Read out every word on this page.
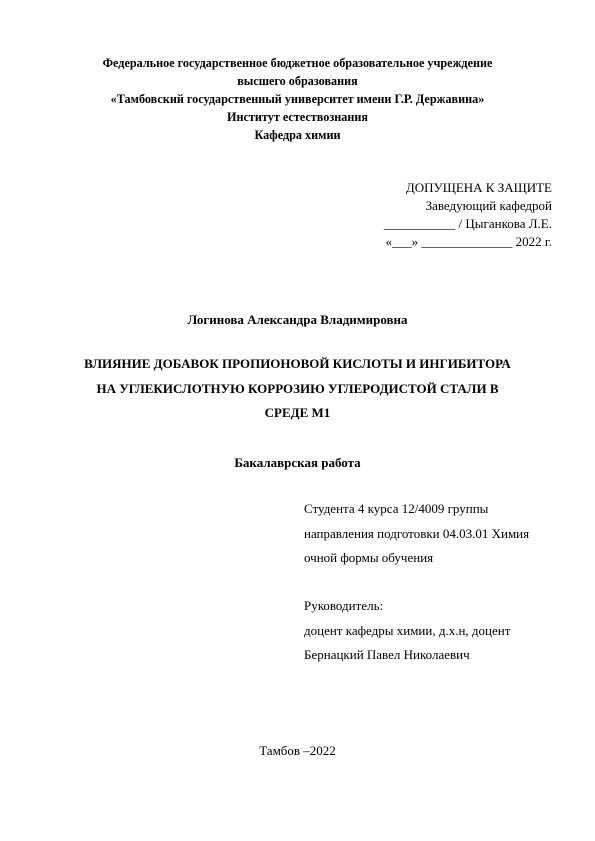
Федеральное государственное бюджетное образовательное учреждение
высшего образования
«Тамбовский государственный университет имени Г.Р. Державина»
Институт естествознания
Кафедра химии
ДОПУЩЕНА К ЗАЩИТЕ
Заведующий кафедрой
___________ / Цыганкова Л.Е.
«___» ______________ 2022 г.
Логинова Александра Владимировна
ВЛИЯНИЕ ДОБАВОК ПРОПИОНОВОЙ КИСЛОТЫ И ИНГИБИТОРА
НА УГЛЕКИСЛОТНУЮ КОРРОЗИЮ УГЛЕРОДИСТОЙ СТАЛИ В
СРЕДЕ М1
Бакалаврская работа
Студента 4 курса 12/4009 группы
направления подготовки 04.03.01 Химия
очной формы обучения
Руководитель:
доцент кафедры химии, д.х.н, доцент
Бернацкий Павел Николаевич
Тамбов –2022
